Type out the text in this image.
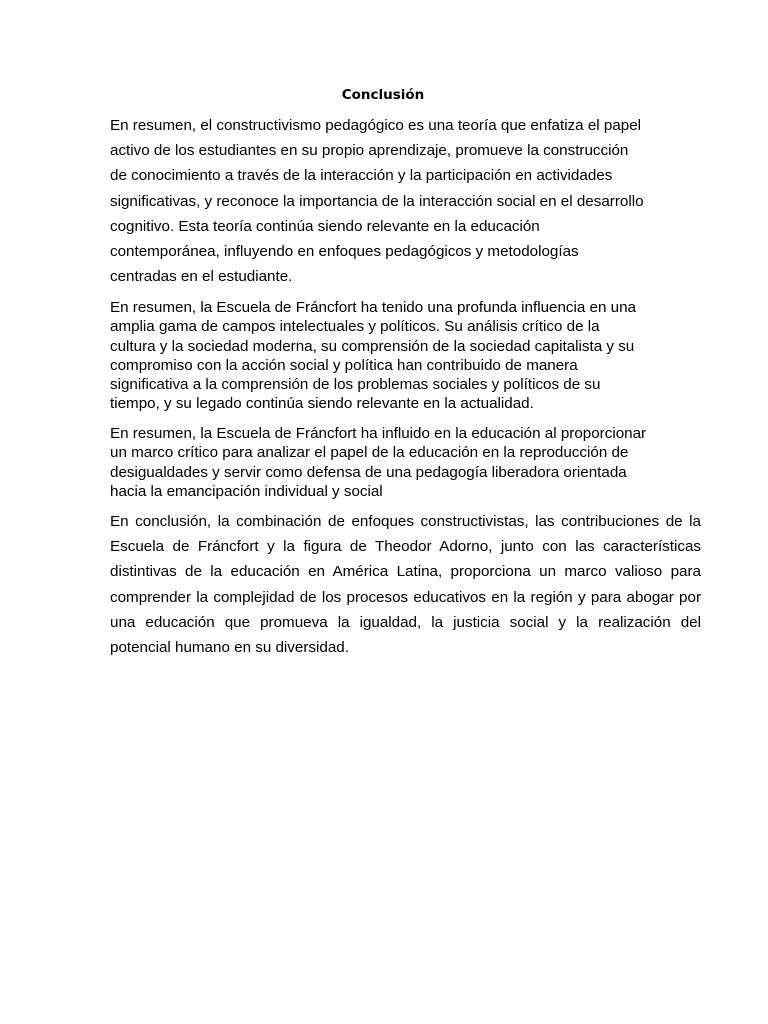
Conclusión

En resumen, el constructivismo pedagógico es una teoría que enfatiza el papel
activo de los estudiantes en su propio aprendizaje, promueve la construcción
de conocimiento a través de la interacción y la participación en actividades
significativas, y reconoce la importancia de la interacción social en el desarrollo
cognitivo. Esta teoría continúa siendo relevante en la educación
contemporánea, influyendo en enfoques pedagógicos y metodologías
centradas en el estudiante.

En resumen, la Escuela de Fráncfort ha tenido una profunda influencia en una
amplia gama de campos intelectuales y políticos. Su análisis crítico de la
cultura y la sociedad moderna, su comprensión de la sociedad capitalista y su
compromiso con la acción social y política han contribuido de manera
significativa a la comprensión de los problemas sociales y políticos de su
tiempo, y su legado continúa siendo relevante en la actualidad.

En resumen, la Escuela de Fráncfort ha influido en la educación al proporcionar
un marco crítico para analizar el papel de la educación en la reproducción de
desigualdades y servir como defensa de una pedagogía liberadora orientada
hacia la emancipación individual y social

En conclusión, la combinación de enfoques constructivistas, las contribuciones de la
Escuela de Fráncfort y la figura de Theodor Adorno, junto con las características
distintivas de la educación en América Latina, proporciona un marco valioso para
comprender la complejidad de los procesos educativos en la región y para abogar por
una educación que promueva la igualdad, la justicia social y la realización del
potencial humano en su diversidad.
